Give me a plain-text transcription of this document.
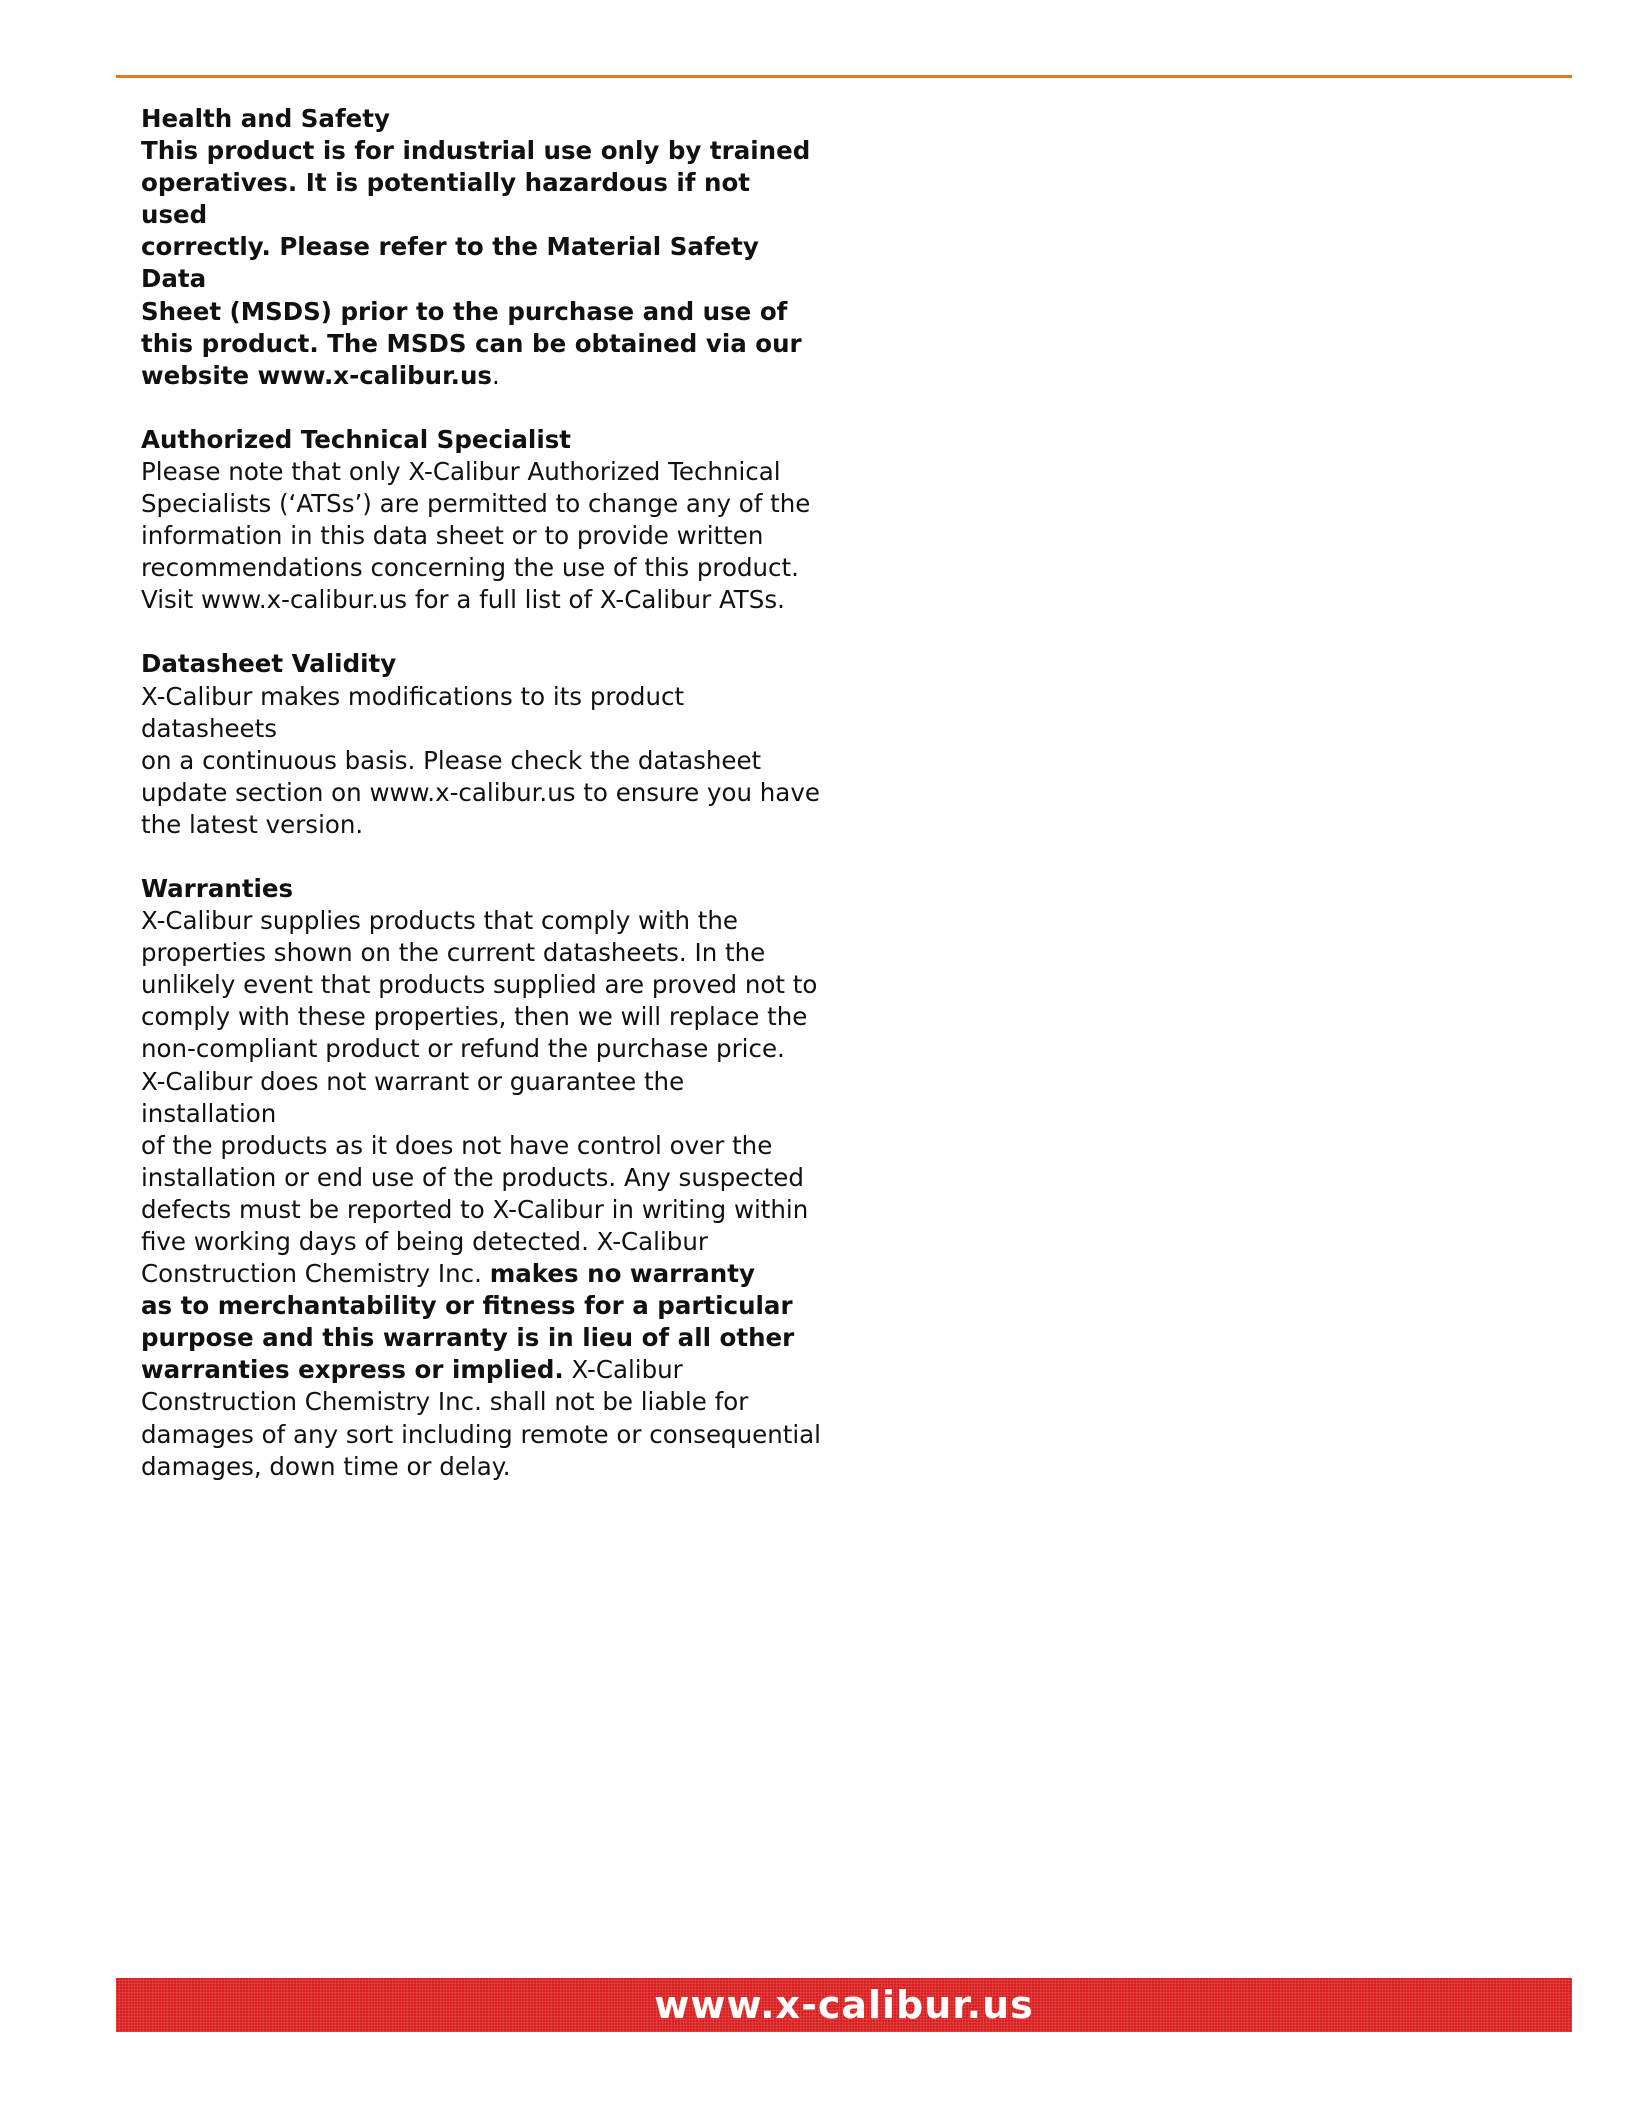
Health and Safety
This product is for industrial use only by trained
operatives. It is potentially hazardous if not used
correctly. Please refer to the Material Safety Data
Sheet (MSDS) prior to the purchase and use of
this product. The MSDS can be obtained via our
website www.x-calibur.us.
Authorized Technical Specialist
Please note that only X-Calibur Authorized Technical
Specialists (‘ATSs’) are permitted to change any of the
information in this data sheet or to provide written
recommendations concerning the use of this product.
Visit www.x-calibur.us for a full list of X-Calibur ATSs.
Datasheet Validity
X-Calibur makes modifications to its product datasheets
on a continuous basis. Please check the datasheet
update section on www.x-calibur.us to ensure you have
the latest version.
Warranties
X-Calibur supplies products that comply with the
properties shown on the current datasheets. In the
unlikely event that products supplied are proved not to
comply with these properties, then we will replace the
non-compliant product or refund the purchase price.
X-Calibur does not warrant or guarantee the installation
of the products as it does not have control over the
installation or end use of the products. Any suspected
defects must be reported to X-Calibur in writing within
five working days of being detected. X-Calibur
Construction Chemistry Inc. makes no warranty
as to merchantability or fitness for a particular
purpose and this warranty is in lieu of all other
warranties express or implied. X-Calibur
Construction Chemistry Inc. shall not be liable for
damages of any sort including remote or consequential
damages, down time or delay.
www.x-calibur.us
